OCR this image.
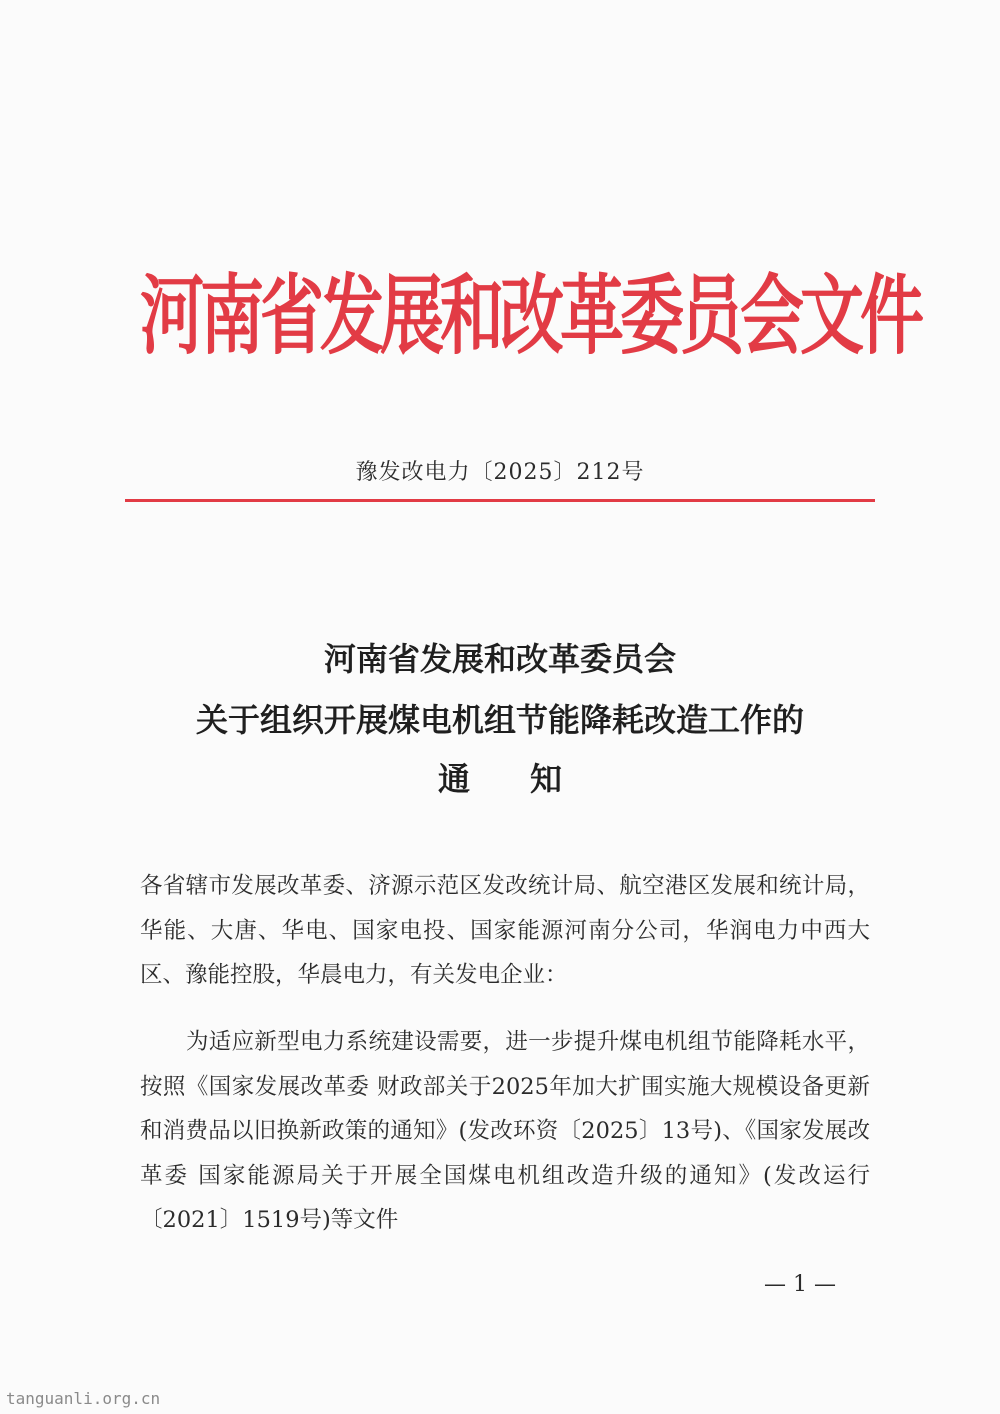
河南省发展和改革委员会文件
豫发改电力〔2025〕212号
河南省发展和改革委员会
关于组织开展煤电机组节能降耗改造工作的
通知
各省辖市发展改革委、济源示范区发改统计局、航空港区发展和统计局，华能、大唐、华电、国家电投、国家能源河南分公司，华润电力中西大区、豫能控股，华晨电力，有关发电企业：
为适应新型电力系统建设需要，进一步提升煤电机组节能降耗水平，按照《国家发展改革委 财政部关于2025年加大扩围实施大规模设备更新和消费品以旧换新政策的通知》(发改环资〔2025〕13号)、《国家发展改革委 国家能源局关于开展全国煤电机组改造升级的通知》(发改运行〔2021〕1519号)等文件
— 1 —
tanguanli.org.cn
